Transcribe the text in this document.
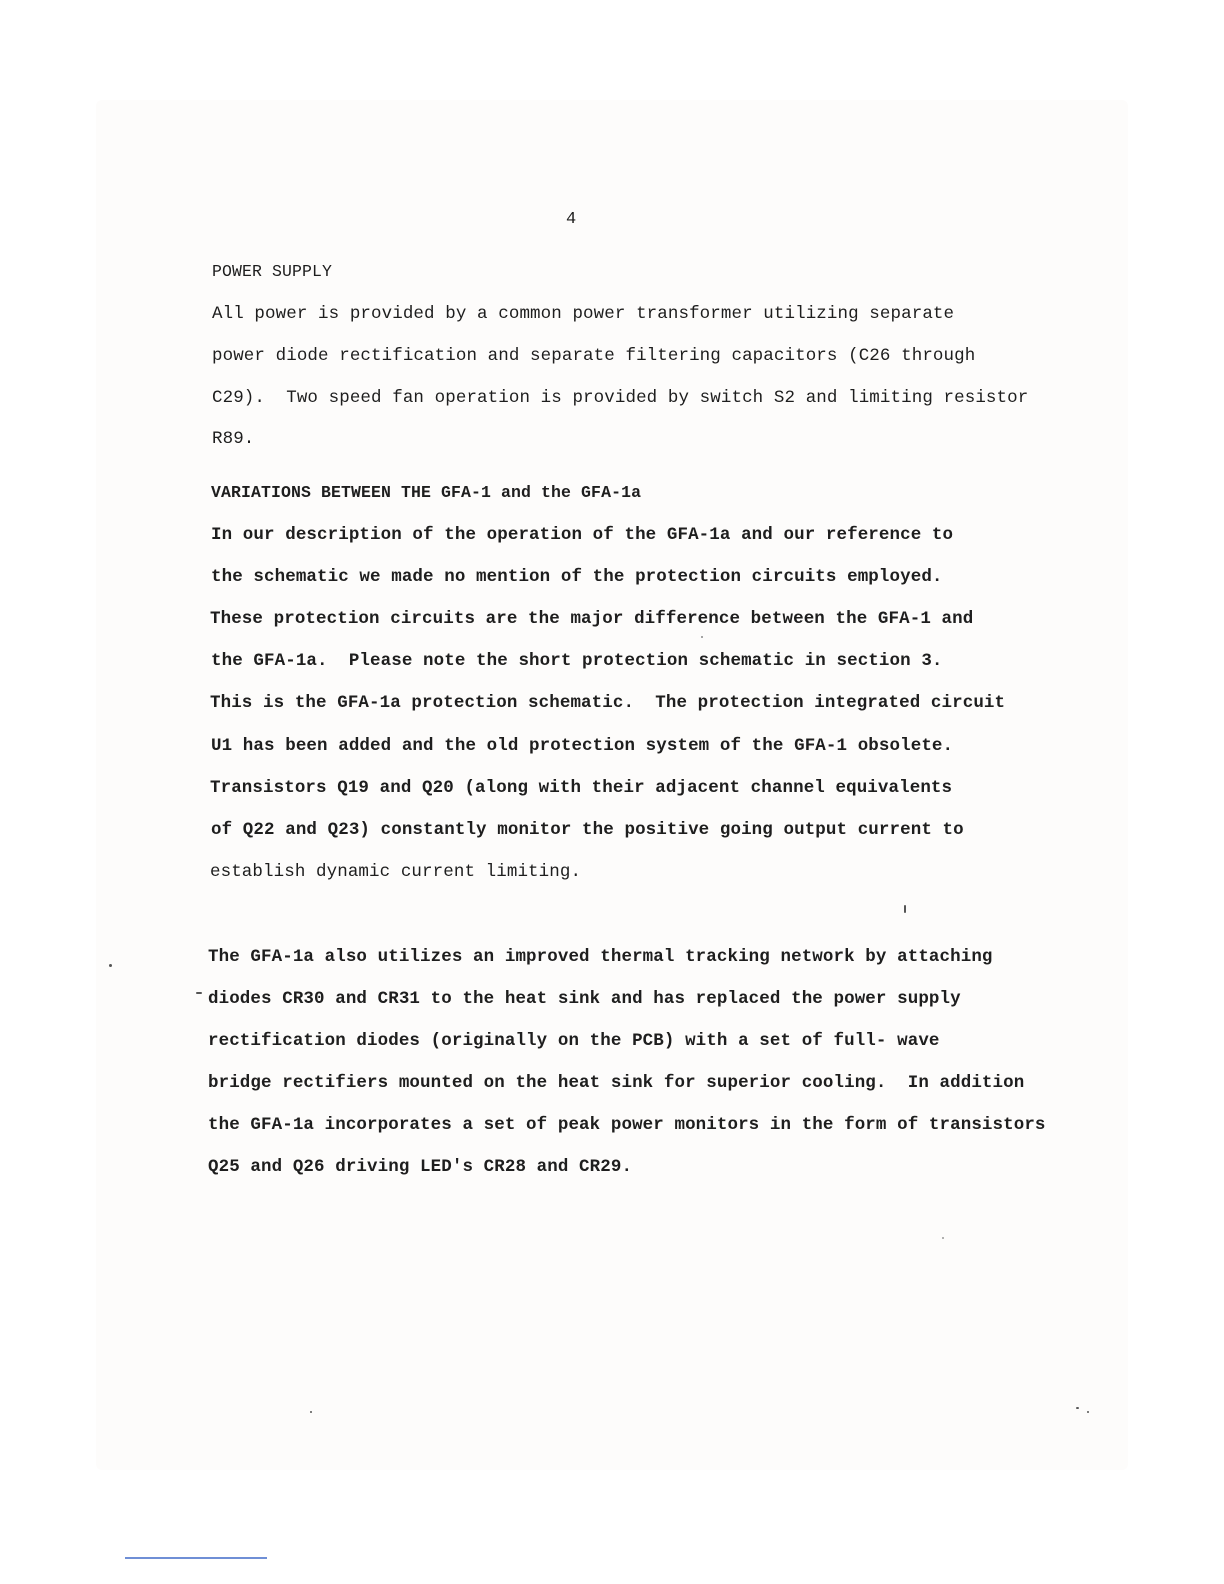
4
POWER SUPPLY
All power is provided by a common power transformer utilizing separate
power diode rectification and separate filtering capacitors (C26 through
C29).  Two speed fan operation is provided by switch S2 and limiting resistor
R89.
VARIATIONS BETWEEN THE GFA-1 and the GFA-1a
In our description of the operation of the GFA-1a and our reference to
the schematic we made no mention of the protection circuits employed.
These protection circuits are the major difference between the GFA-1 and
the GFA-1a.  Please note the short protection schematic in section 3.
This is the GFA-1a protection schematic.  The protection integrated circuit
U1 has been added and the old protection system of the GFA-1 obsolete.
Transistors Q19 and Q20 (along with their adjacent channel equivalents
of Q22 and Q23) constantly monitor the positive going output current to
establish dynamic current limiting.
The GFA-1a also utilizes an improved thermal tracking network by attaching
diodes CR30 and CR31 to the heat sink and has replaced the power supply
rectification diodes (originally on the PCB) with a set of full- wave
bridge rectifiers mounted on the heat sink for superior cooling.  In addition
the GFA-1a incorporates a set of peak power monitors in the form of transistors
Q25 and Q26 driving LED's CR28 and CR29.
